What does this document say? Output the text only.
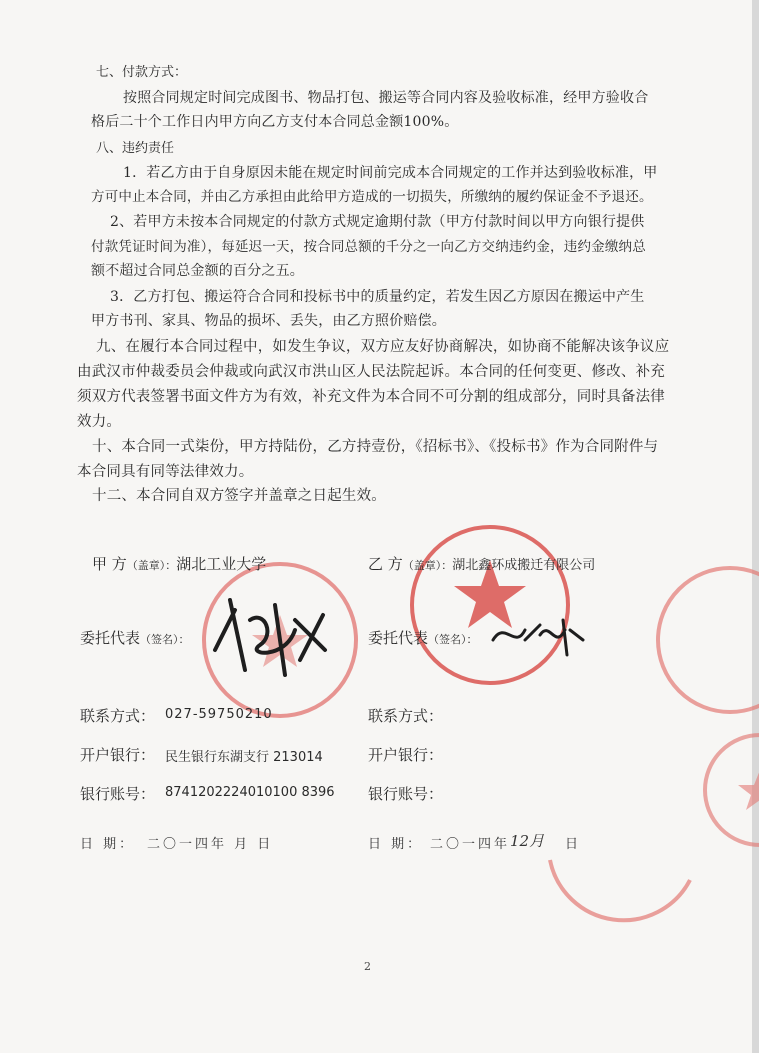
七、付款方式：
按照合同规定时间完成图书、物品打包、搬运等合同内容及验收标准，经甲方验收合
格后二十个工作日内甲方向乙方支付本合同总金额100%。
八、违约责任
1．若乙方由于自身原因未能在规定时间前完成本合同规定的工作并达到验收标准，甲
方可中止本合同，并由乙方承担由此给甲方造成的一切损失，所缴纳的履约保证金不予退还。
2、若甲方未按本合同规定的付款方式规定逾期付款（甲方付款时间以甲方向银行提供
付款凭证时间为准），每延迟一天，按合同总额的千分之一向乙方交纳违约金，违约金缴纳总
额不超过合同总金额的百分之五。
3．乙方打包、搬运符合合同和投标书中的质量约定，若发生因乙方原因在搬运中产生
甲方书刊、家具、物品的损坏、丢失，由乙方照价赔偿。
九、在履行本合同过程中，如发生争议，双方应友好协商解决，如协商不能解决该争议应
由武汉市仲裁委员会仲裁或向武汉市洪山区人民法院起诉。本合同的任何变更、修改、补充
须双方代表签署书面文件方为有效，补充文件为本合同不可分割的组成部分，同时具备法律
效力。
十、本合同一式柒份，甲方持陆份，乙方持壹份，《招标书》、《投标书》作为合同附件与
本合同具有同等法律效力。
十二、本合同自双方签字并盖章之日起生效。
甲 方（盖章）：湖北工业大学
委托代表（签名）：
联系方式： 027-59750210
开户银行： 民生银行东湖支行 213014
银行账号： 8741202224010100 8396
日 期： 二〇一四年 月 日
乙 方（盖章）：湖北鑫环成搬迁有限公司
委托代表（签名）：
联系方式：
开户银行：
银行账号：
日 期： 二〇一四年 12月 日
2
